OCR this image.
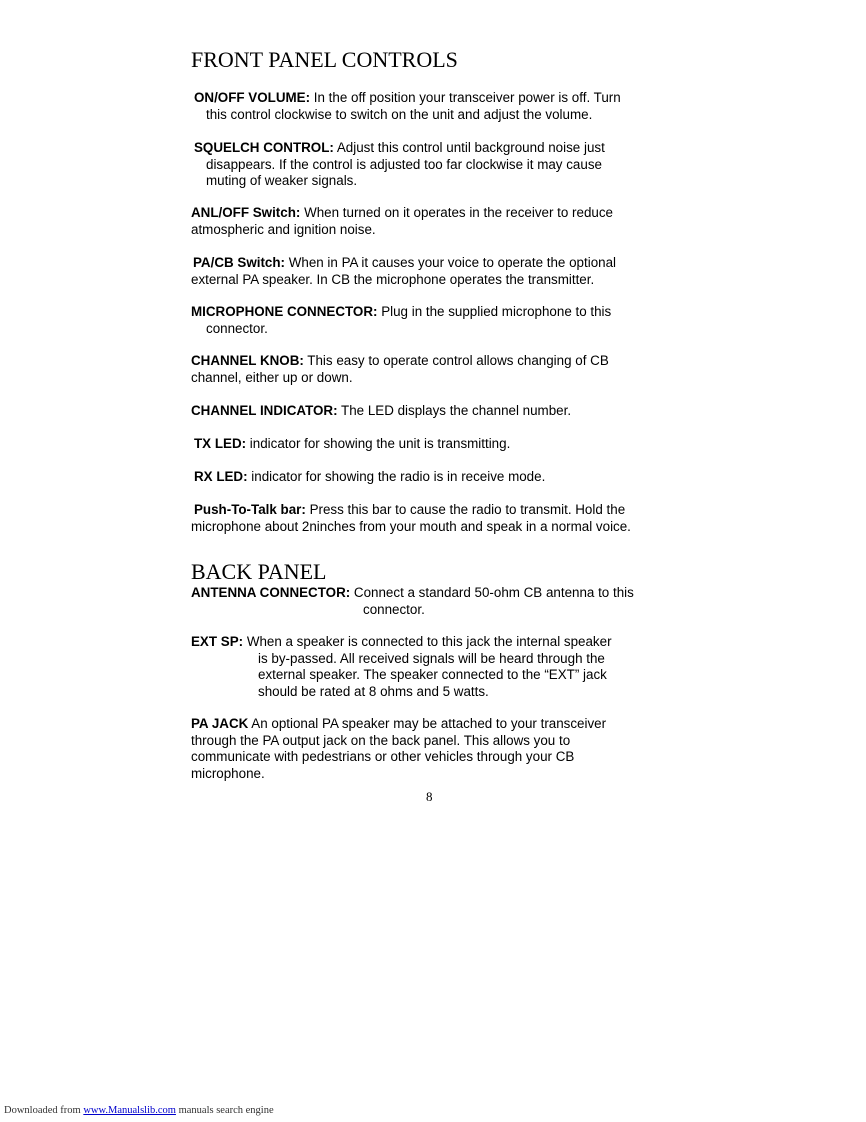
FRONT PANEL CONTROLS
ON/OFF VOLUME: In the off position your transceiver power is off. Turn
this control clockwise to switch on the unit and adjust the volume.
SQUELCH CONTROL: Adjust this control until background noise just
disappears. If the control is adjusted too far clockwise it may cause
muting of weaker signals.
ANL/OFF Switch: When turned on it operates in the receiver to reduce
atmospheric and ignition noise.
PA/CB Switch: When in PA it causes your voice to operate the optional
external PA speaker. In CB the microphone operates the transmitter.
MICROPHONE CONNECTOR: Plug in the supplied microphone to this
connector.
CHANNEL KNOB: This easy to operate control allows changing of CB
channel, either up or down.
CHANNEL INDICATOR: The LED displays the channel number.
TX LED: indicator for showing the unit is transmitting.
RX LED: indicator for showing the radio is in receive mode.
Push-To-Talk bar: Press this bar to cause the radio to transmit. Hold the
microphone about 2ninches from your mouth and speak in a normal voice.
BACK PANEL
ANTENNA CONNECTOR: Connect a standard 50-ohm CB antenna to this
connector.
EXT SP: When a speaker is connected to this jack the internal speaker
is by-passed. All received signals will be heard through the
external speaker. The speaker connected to the “EXT” jack
should be rated at 8 ohms and 5 watts.
PA JACK An optional PA speaker may be attached to your transceiver
through the PA output jack on the back panel. This allows you to
communicate with pedestrians or other vehicles through your CB
microphone.
8
Downloaded from www.Manualslib.com manuals search engine
